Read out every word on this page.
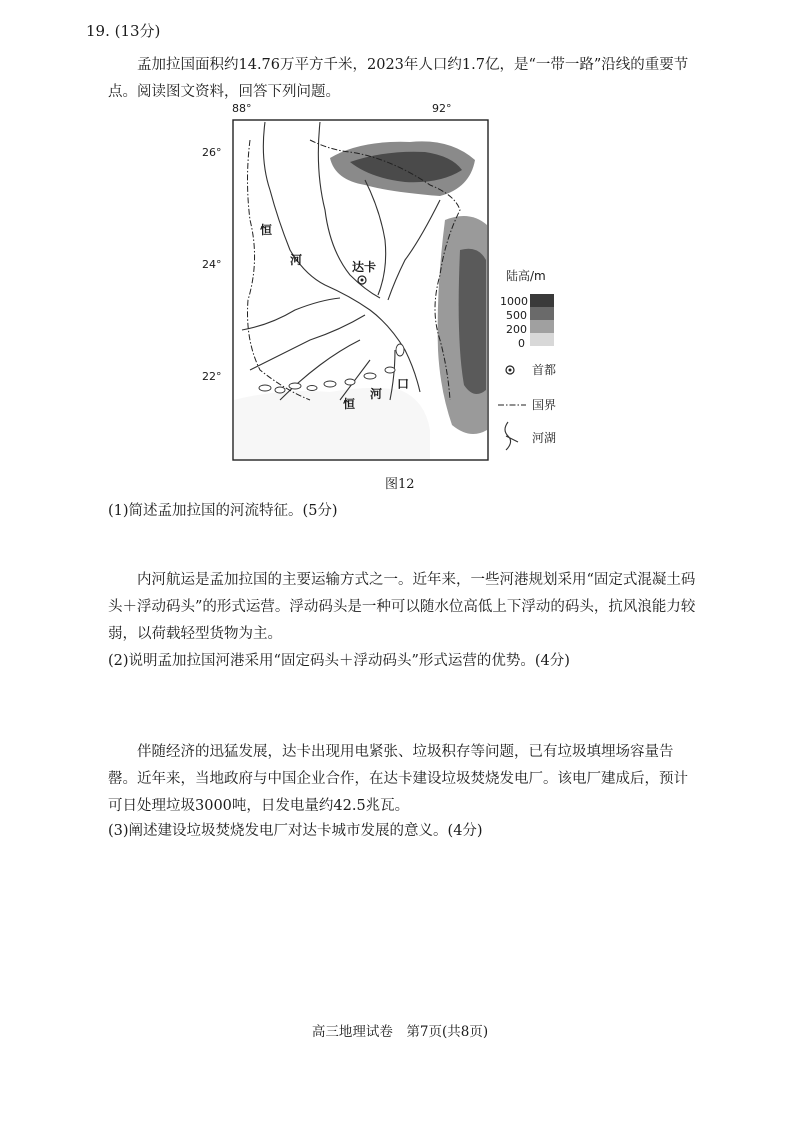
19. (13分)

孟加拉国面积约14.76万平方千米，2023年人口约1.7亿，是“一带一路”沿线的重要节点。阅读图文资料，回答下列问题。

88°	92°
26°
24°
22°
达卡
恒
河
恒
河
口
陆高/m
1000
500
200
0
首都
国界
河湖
图12
(1)简述孟加拉国的河流特征。(5分)

内河航运是孟加拉国的主要运输方式之一。近年来，一些河港规划采用“固定式混凝土码头＋浮动码头”的形式运营。浮动码头是一种可以随水位高低上下浮动的码头，抗风浪能力较弱，以荷载轻型货物为主。

(2)说明孟加拉国河港采用“固定码头＋浮动码头”形式运营的优势。(4分)

伴随经济的迅猛发展，达卡出现用电紧张、垃圾积存等问题，已有垃圾填埋场容量告罄。近年来，当地政府与中国企业合作，在达卡建设垃圾焚烧发电厂。该电厂建成后，预计可日处理垃圾3000吨，日发电量约42.5兆瓦。

(3)阐述建设垃圾焚烧发电厂对达卡城市发展的意义。(4分)
高三地理试卷　第7页(共8页)
